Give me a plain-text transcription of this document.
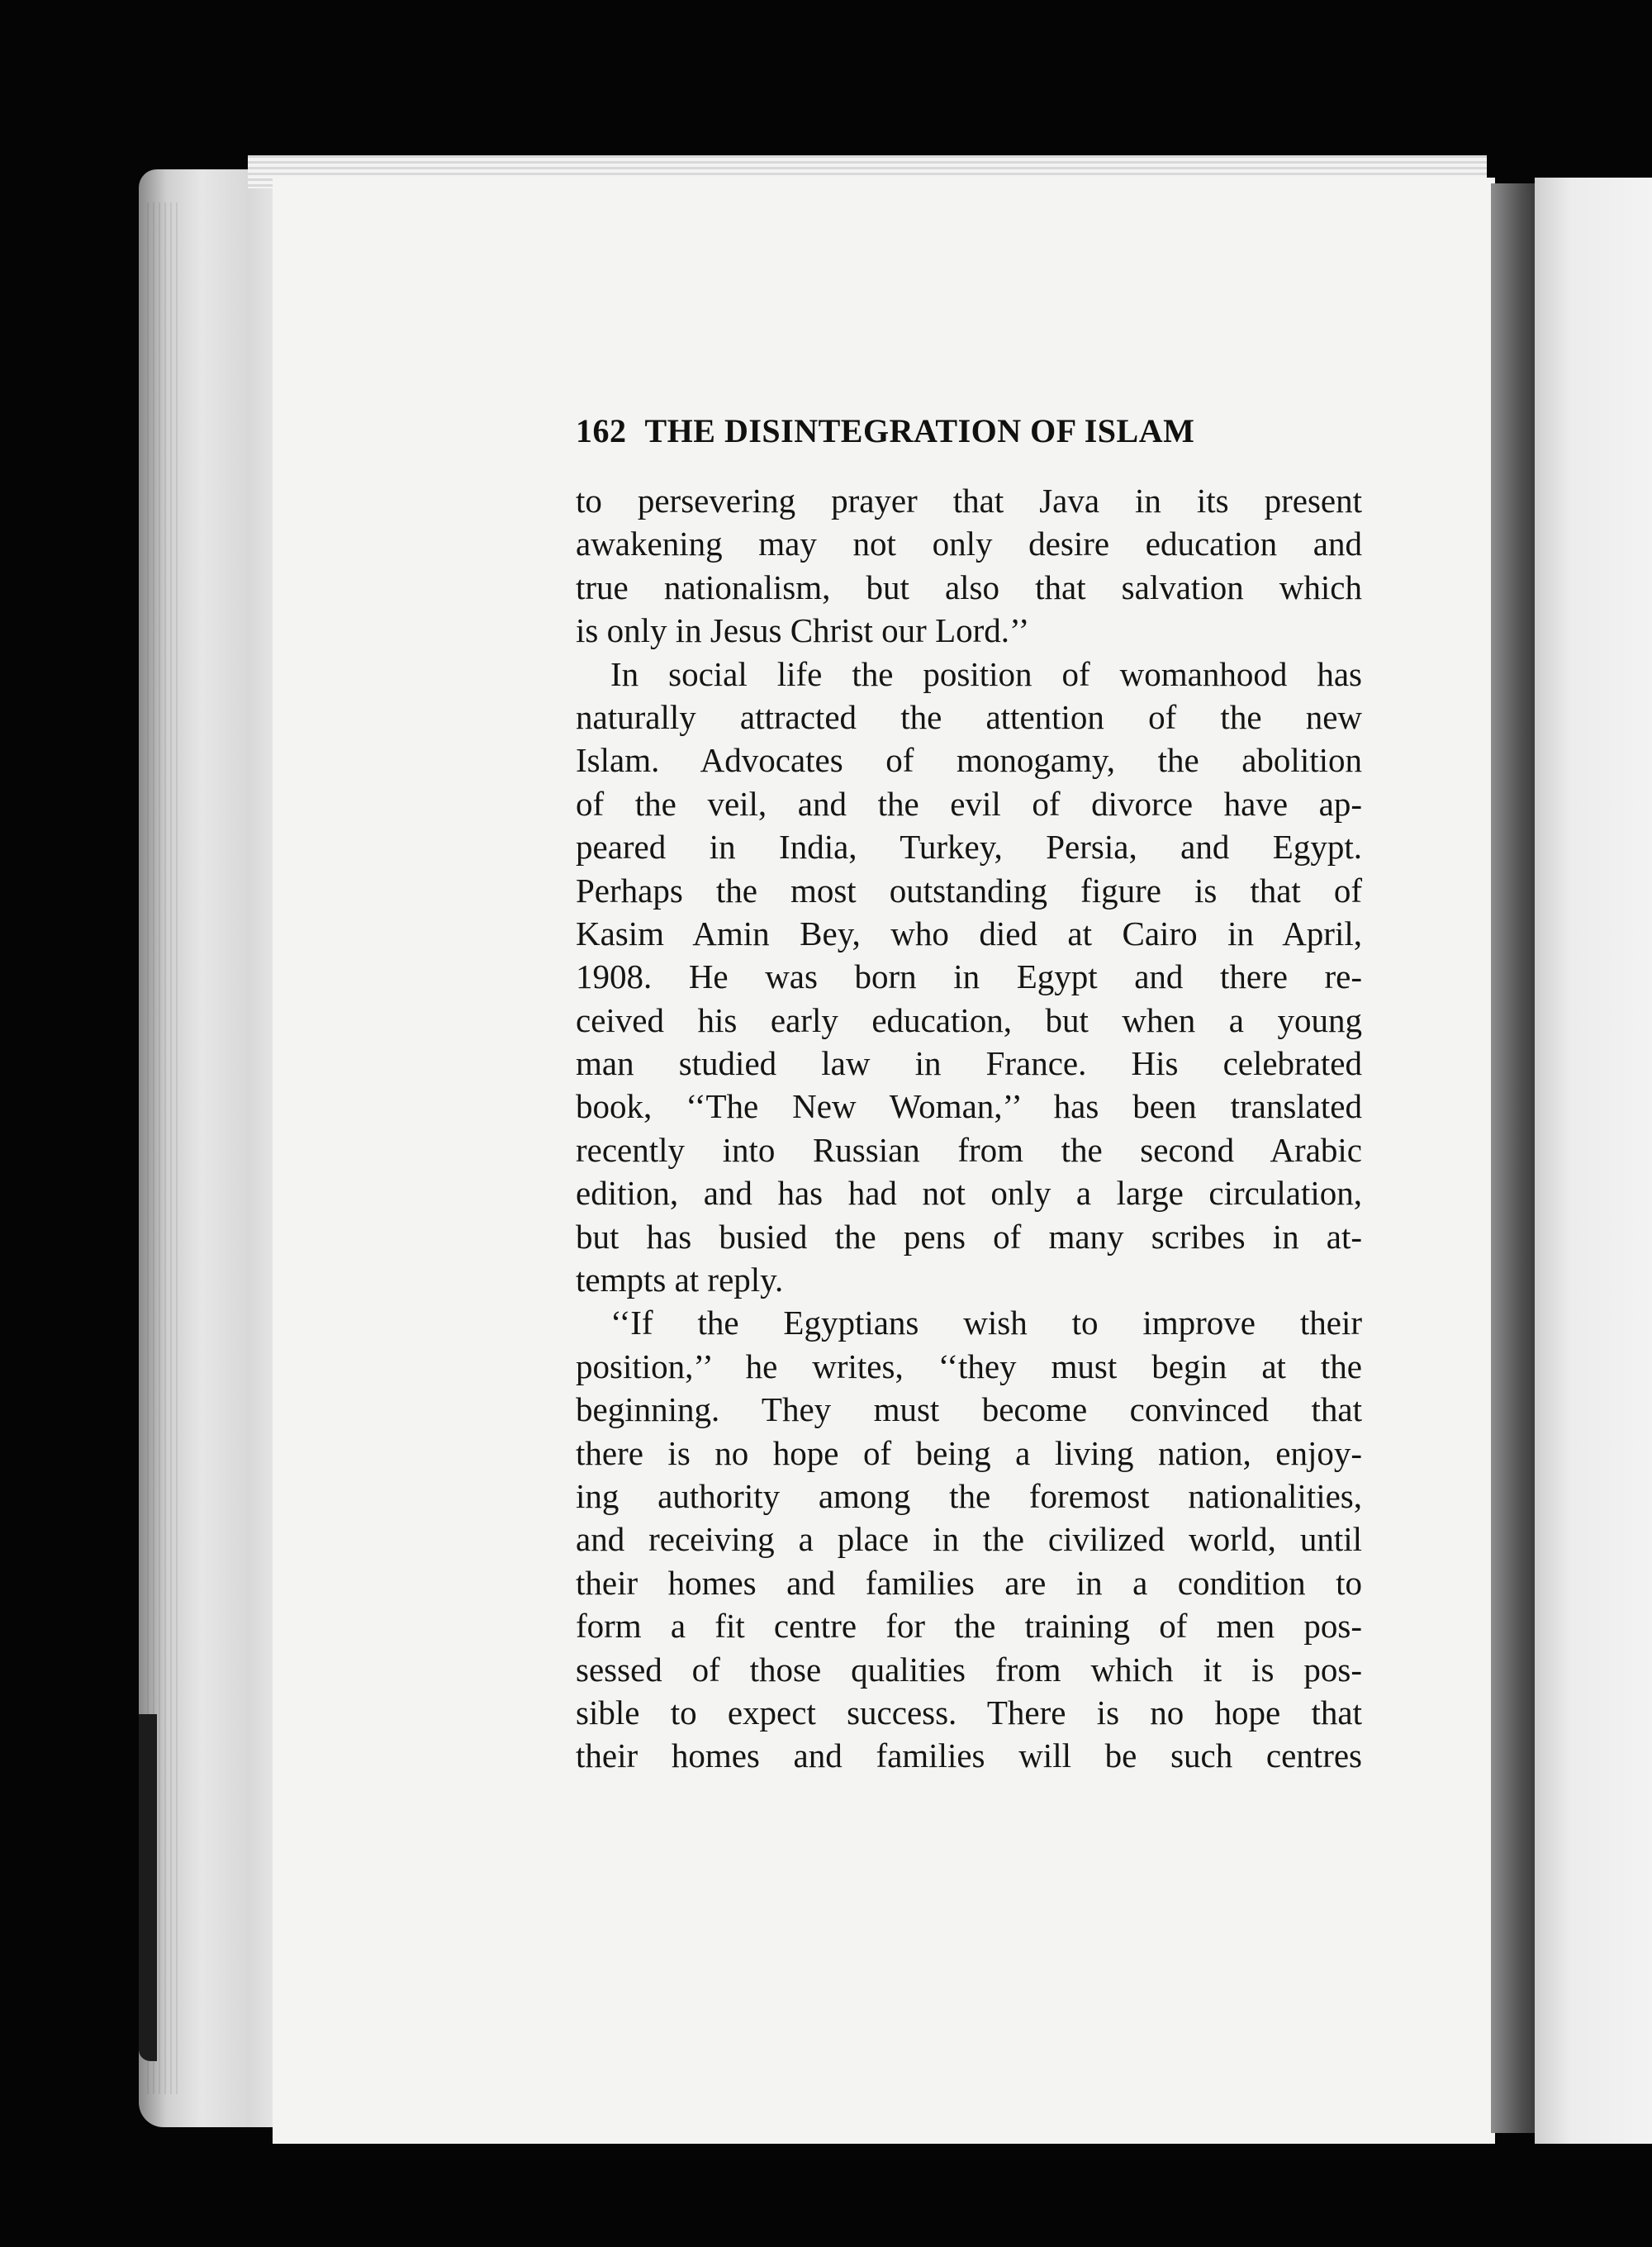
162 THE DISINTEGRATION OF ISLAM
to persevering prayer that Java in its present
awakening may not only desire education and
true nationalism, but also that salvation which
is only in Jesus Christ our Lord.’’
In social life the position of womanhood has
naturally attracted the attention of the new
Islam. Advocates of monogamy, the abolition
of the veil, and the evil of divorce have ap-
peared in India, Turkey, Persia, and Egypt.
Perhaps the most outstanding figure is that of
Kasim Amin Bey, who died at Cairo in April,
1908. He was born in Egypt and there re-
ceived his early education, but when a young
man studied law in France. His celebrated
book, ‘‘The New Woman,’’ has been translated
recently into Russian from the second Arabic
edition, and has had not only a large circulation,
but has busied the pens of many scribes in at-
tempts at reply.
‘‘If the Egyptians wish to improve their
position,’’ he writes, ‘‘they must begin at the
beginning. They must become convinced that
there is no hope of being a living nation, enjoy-
ing authority among the foremost nationalities,
and receiving a place in the civilized world, until
their homes and families are in a condition to
form a fit centre for the training of men pos-
sessed of those qualities from which it is pos-
sible to expect success. There is no hope that
their homes and families will be such centres
